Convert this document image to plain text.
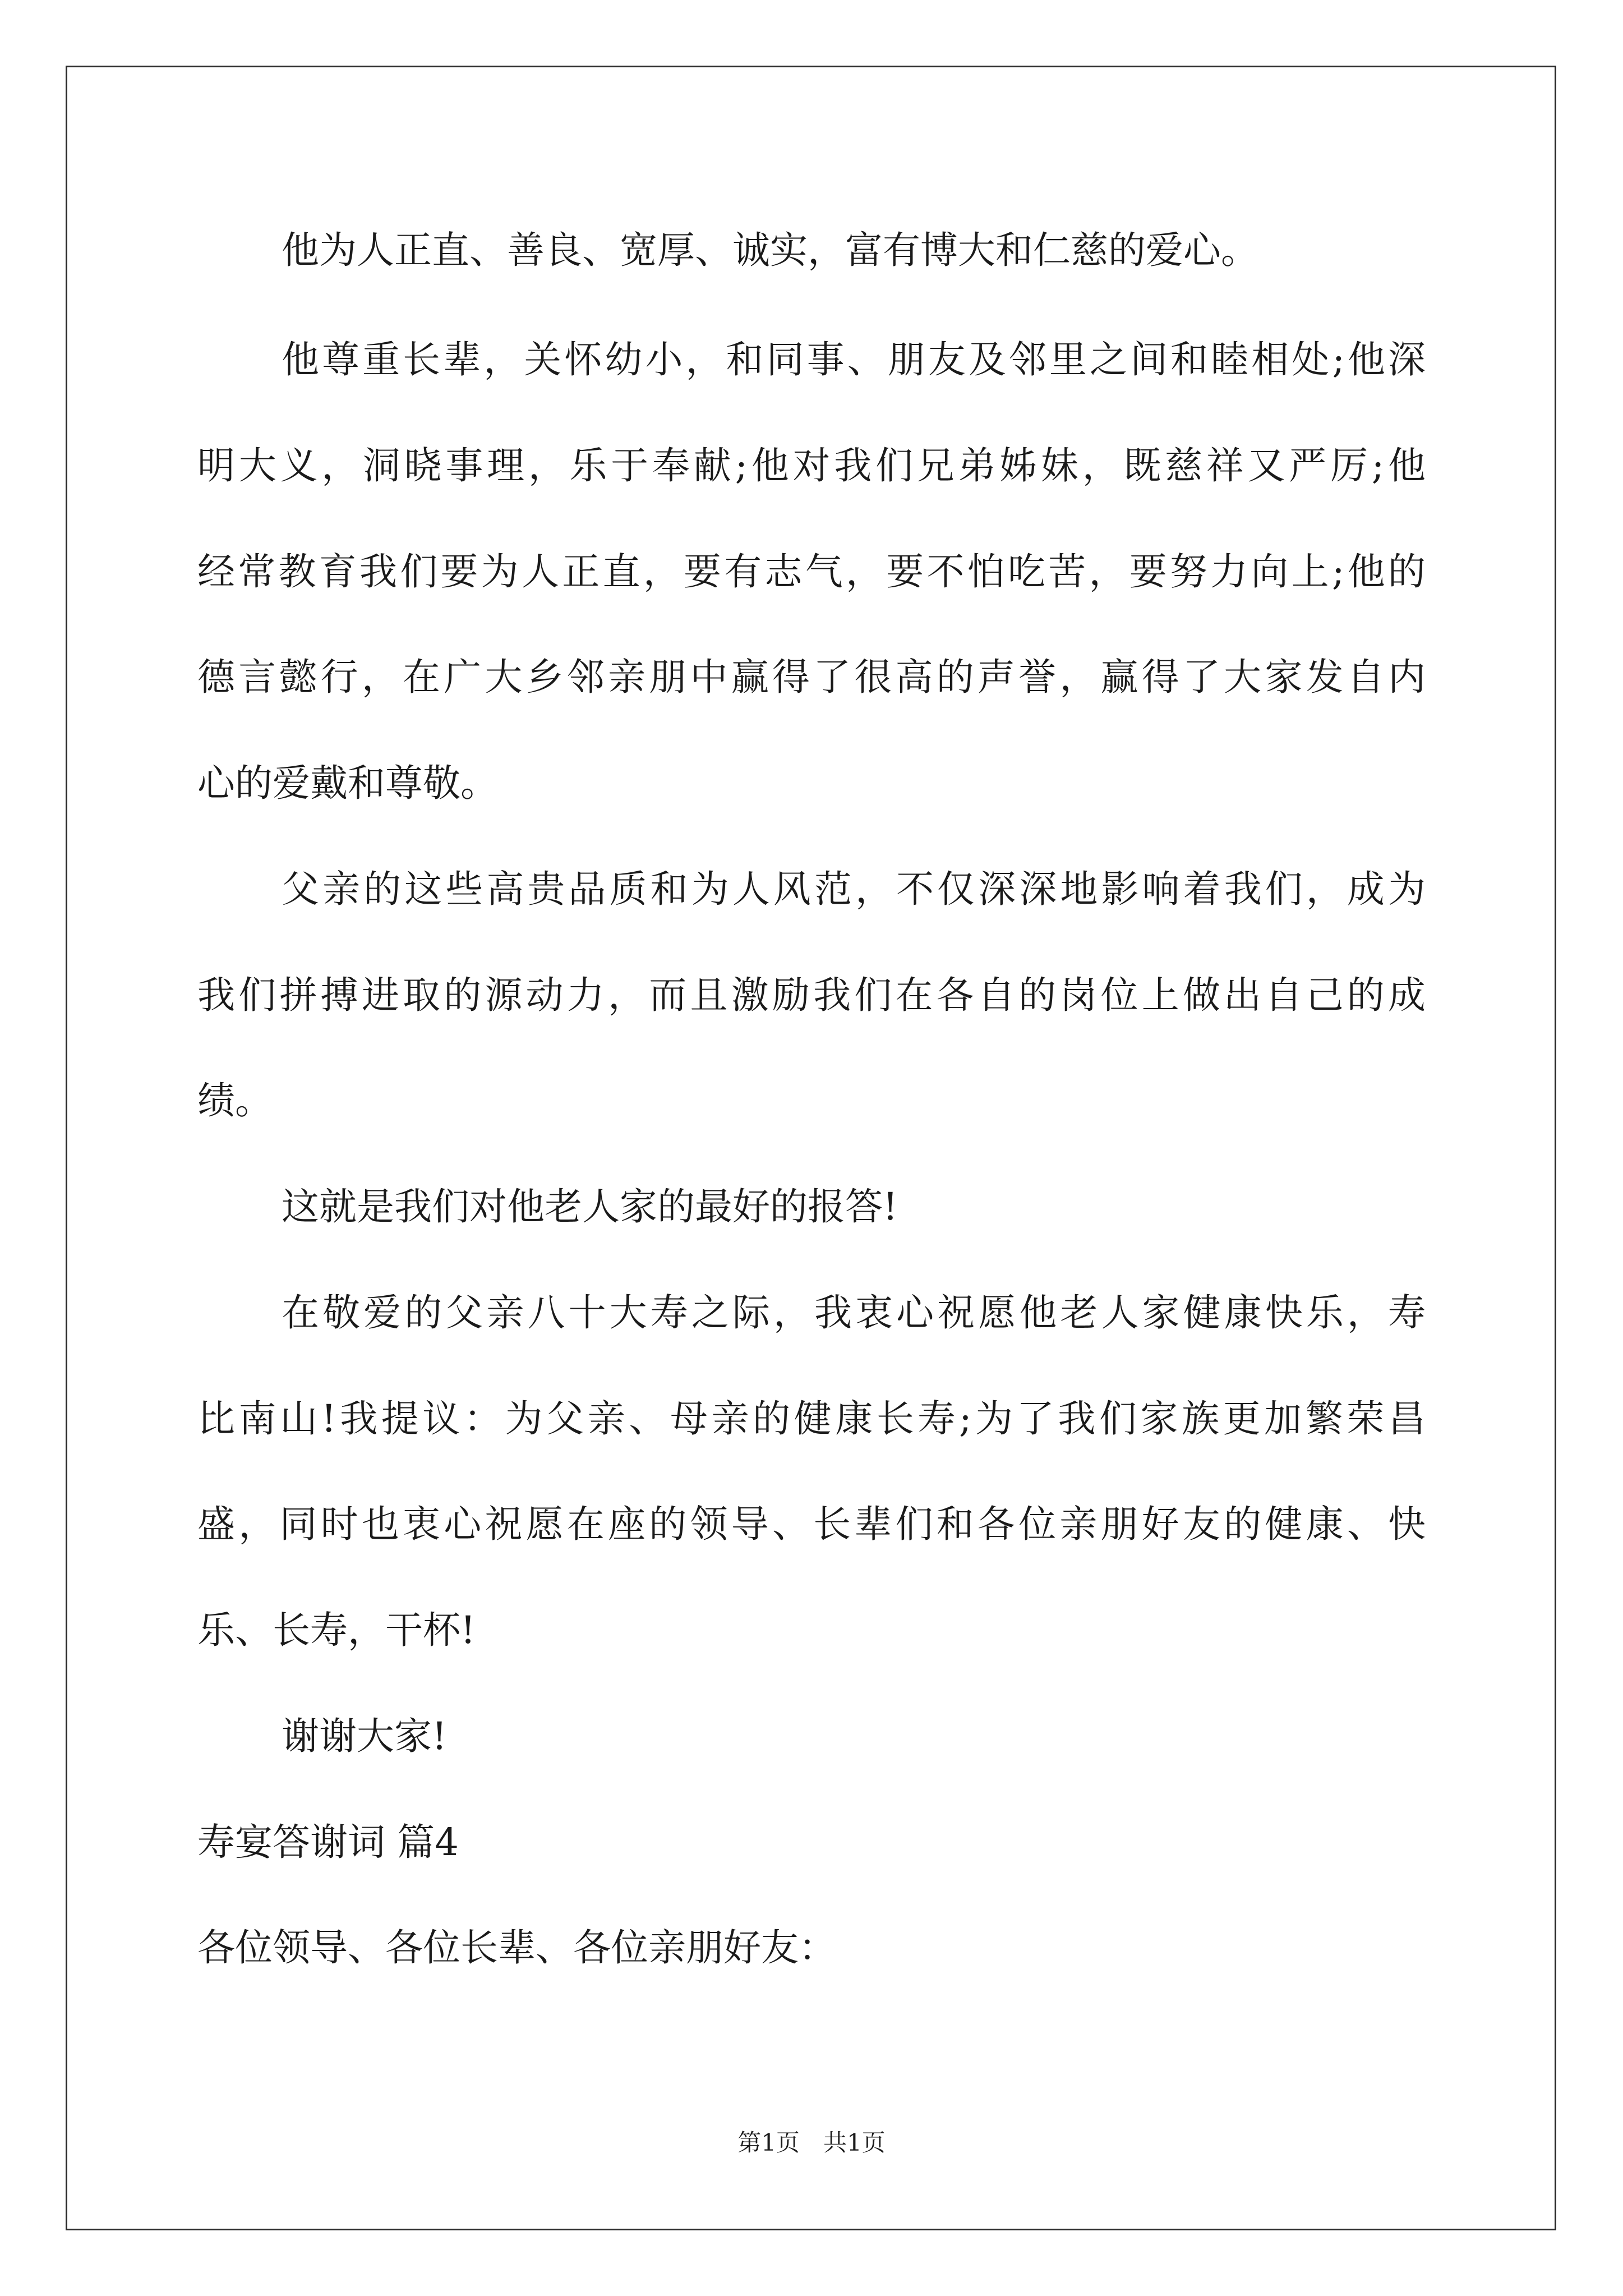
他为人正直、善良、宽厚、诚实，富有博大和仁慈的爱心。
他尊重长辈，关怀幼小，和同事、朋友及邻里之间和睦相处;他深
明大义，洞晓事理，乐于奉献;他对我们兄弟姊妹，既慈祥又严厉;他
经常教育我们要为人正直，要有志气，要不怕吃苦，要努力向上;他的
德言懿行，在广大乡邻亲朋中赢得了很高的声誉，赢得了大家发自内
心的爱戴和尊敬。
父亲的这些高贵品质和为人风范，不仅深深地影响着我们，成为
我们拼搏进取的源动力，而且激励我们在各自的岗位上做出自己的成
绩。
这就是我们对他老人家的最好的报答!
在敬爱的父亲八十大寿之际，我衷心祝愿他老人家健康快乐，寿
比南山!我提议：为父亲、母亲的健康长寿;为了我们家族更加繁荣昌
盛，同时也衷心祝愿在座的领导、长辈们和各位亲朋好友的健康、快
乐、长寿，干杯!
谢谢大家!
寿宴答谢词 篇4
各位领导、各位长辈、各位亲朋好友：
第1页　共1页
